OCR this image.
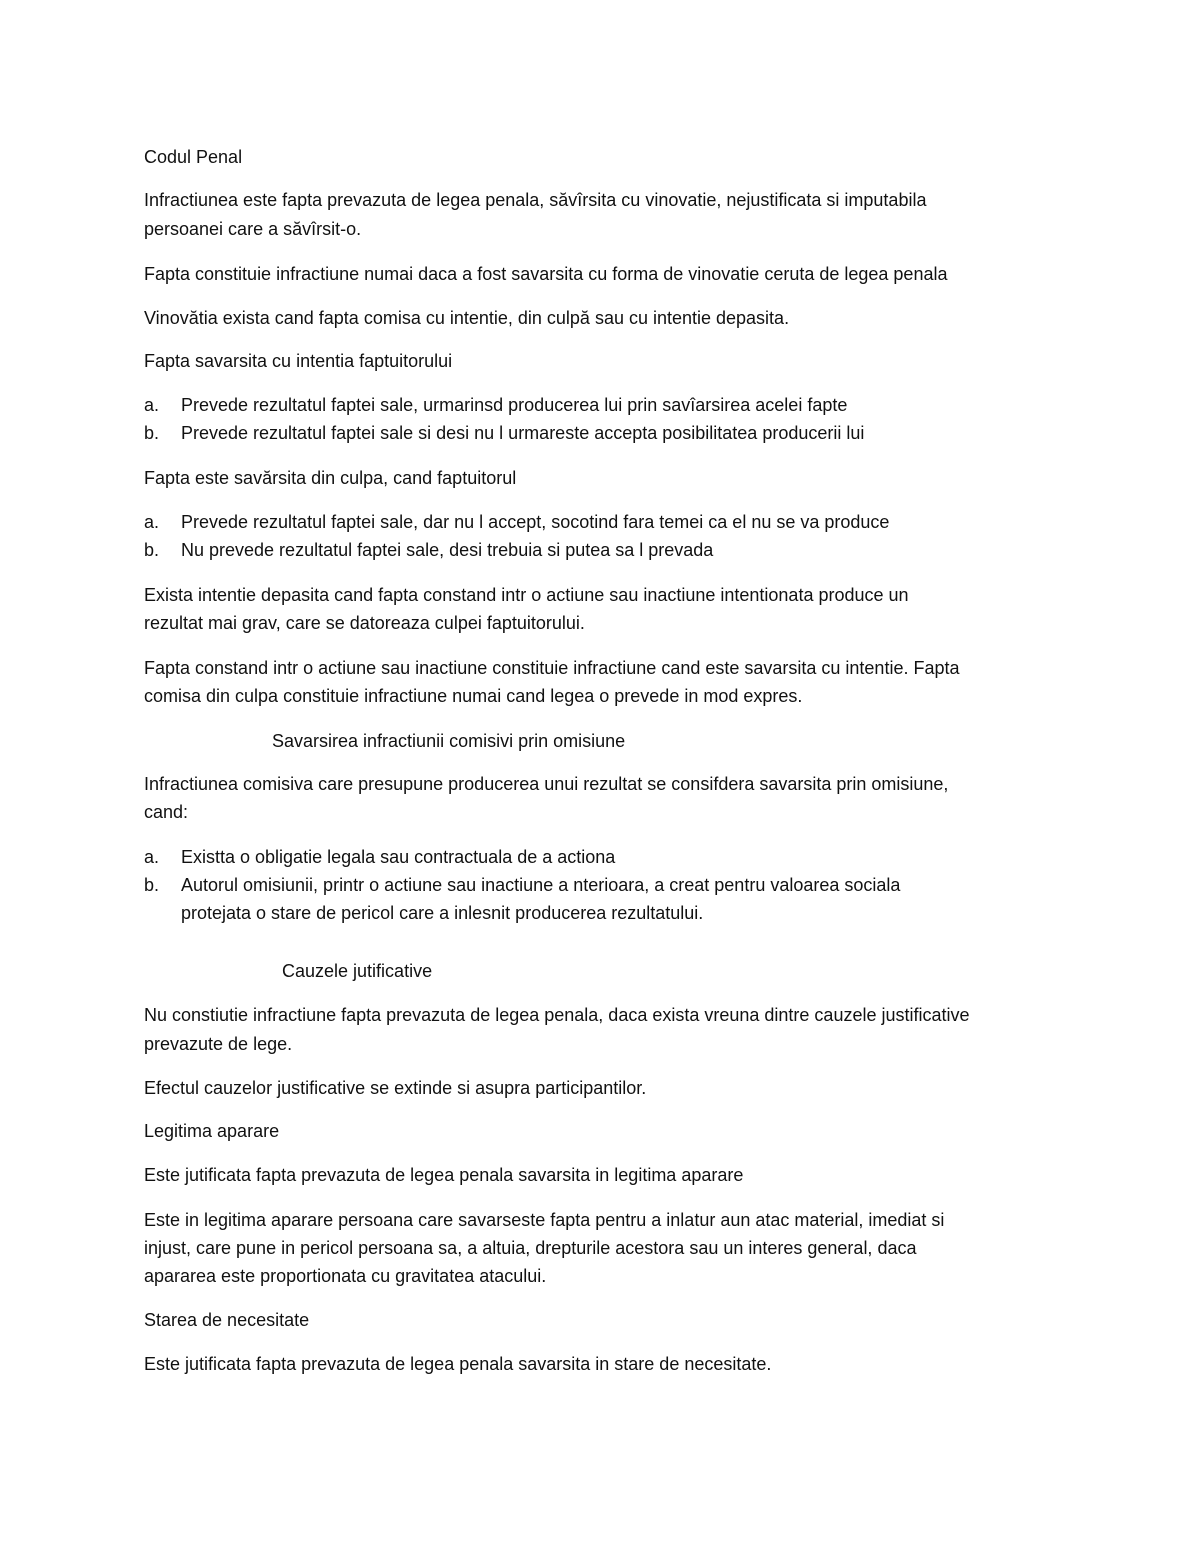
Codul Penal
Infractiunea este fapta prevazuta de legea penala, săvîrsita cu vinovatie, nejustificata si imputabila
persoanei care a săvîrsit-o.
Fapta constituie infractiune numai daca a fost savarsita cu forma de vinovatie ceruta de legea penala
Vinovătia exista cand fapta comisa cu intentie, din culpă sau cu intentie depasita.
Fapta savarsita cu intentia faptuitorului
a. Prevede rezultatul faptei sale, urmarinsd producerea lui prin savîarsirea acelei fapte
b. Prevede rezultatul faptei sale si desi nu l urmareste accepta posibilitatea producerii lui
Fapta este savărsita din culpa, cand faptuitorul
a. Prevede rezultatul faptei sale, dar nu l accept, socotind fara temei ca el nu se va produce
b. Nu prevede rezultatul faptei sale, desi trebuia si putea sa l prevada
Exista intentie depasita cand fapta constand intr o actiune sau inactiune intentionata produce un
rezultat mai grav, care se datoreaza culpei faptuitorului.
Fapta constand intr o actiune sau inactiune constituie infractiune cand este savarsita cu intentie. Fapta
comisa din culpa constituie infractiune numai cand legea o prevede in mod expres.
Savarsirea infractiunii comisivi prin omisiune
Infractiunea comisiva care presupune producerea unui rezultat se consifdera savarsita prin omisiune,
cand:
a. Existta o obligatie legala sau contractuala de a actiona
b. Autorul omisiunii, printr o actiune sau inactiune a nterioara, a creat pentru valoarea sociala
protejata o stare de pericol care a inlesnit producerea rezultatului.
Cauzele jutificative
Nu constiutie infractiune fapta prevazuta de legea penala, daca exista vreuna dintre cauzele justificative
prevazute de lege.
Efectul cauzelor justificative se extinde si asupra participantilor.
Legitima aparare
Este jutificata fapta prevazuta de legea penala savarsita in legitima aparare
Este in legitima aparare persoana care savarseste fapta pentru a inlatur aun atac material, imediat si
injust, care pune in pericol persoana sa, a altuia, drepturile acestora sau un interes general, daca
apararea este proportionata cu gravitatea atacului.
Starea de necesitate
Este jutificata fapta prevazuta de legea penala savarsita in stare de necesitate.
